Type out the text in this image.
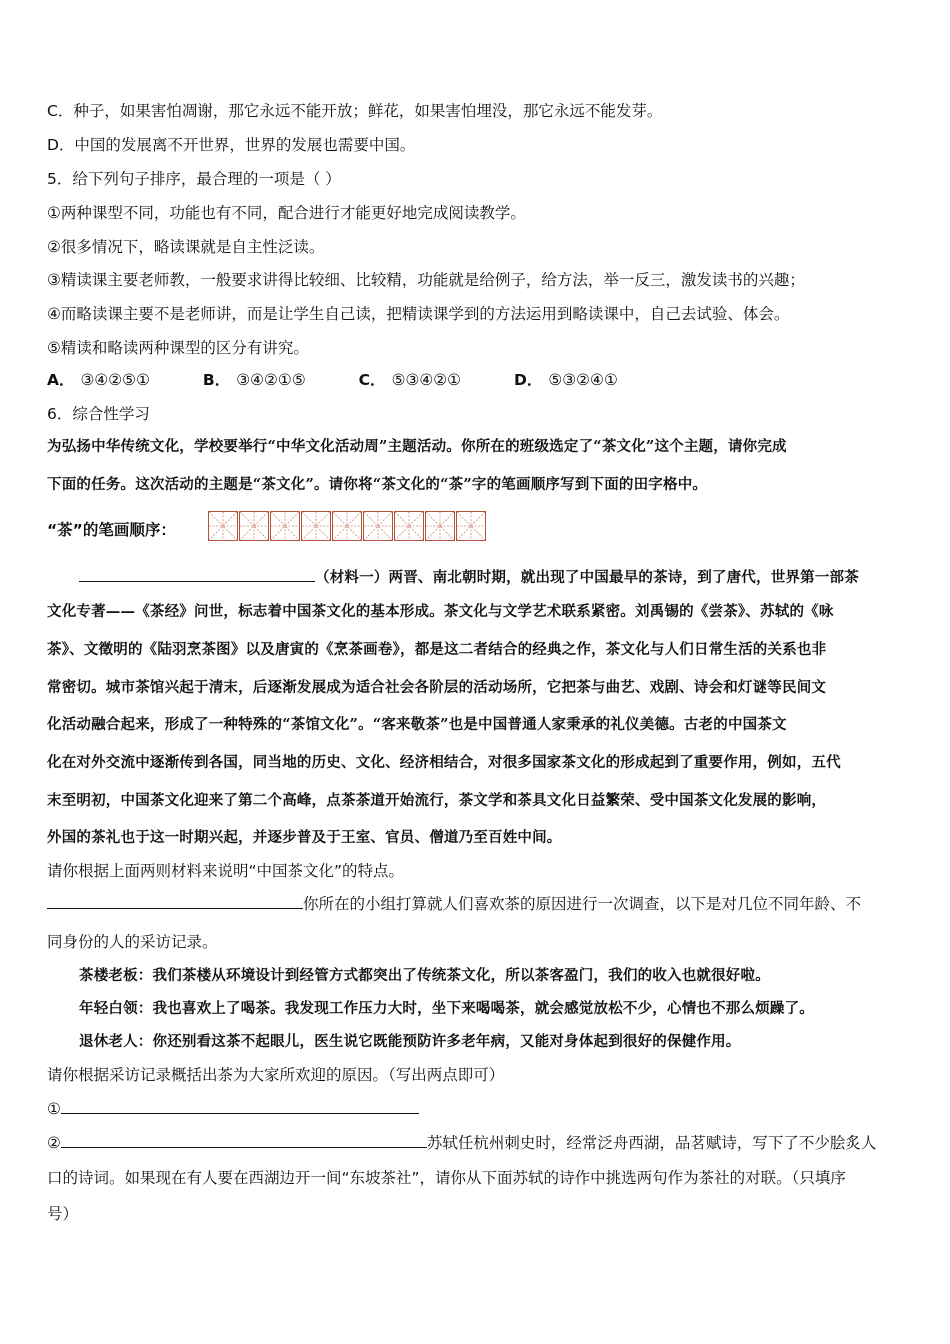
C．种子，如果害怕凋谢，那它永远不能开放；鲜花，如果害怕埋没，那它永远不能发芽。
D．中国的发展离不开世界，世界的发展也需要中国。
5．给下列句子排序，最合理的一项是（ ）
①两种课型不同，功能也有不同，配合进行才能更好地完成阅读教学。
②很多情况下，略读课就是自主性泛读。
③精读课主要老师教，一般要求讲得比较细、比较精，功能就是给例子，给方法，举一反三，激发读书的兴趣；
④而略读课主要不是老师讲，而是让学生自己读，把精读课学到的方法运用到略读课中，自己去试验、体会。
⑤精读和略读两种课型的区分有讲究。
A． ③④②⑤①	B． ③④②①⑤	C． ⑤③④②①	D． ⑤③②④①
6．综合性学习
为弘扬中华传统文化，学校要举行“中华文化活动周”主题活动。你所在的班级选定了“茶文化”这个主题，请你完成
下面的任务。这次活动的主题是“茶文化”。请你将“茶文化的“茶”字的笔画顺序写到下面的田字格中。
“茶”的笔画顺序：
（材料一）两晋、南北朝时期，就出现了中国最早的茶诗，到了唐代，世界第一部茶
文化专著——《茶经》问世，标志着中国茶文化的基本形成。茶文化与文学艺术联系紧密。刘禹锡的《尝茶》、苏轼的《咏
茶》、文徵明的《陆羽烹茶图》以及唐寅的《烹茶画卷》，都是这二者结合的经典之作，茶文化与人们日常生活的关系也非
常密切。城市茶馆兴起于清末，后逐渐发展成为适合社会各阶层的活动场所，它把茶与曲艺、戏剧、诗会和灯谜等民间文
化活动融合起来，形成了一种特殊的“茶馆文化”。“客来敬茶”也是中国普通人家秉承的礼仪美德。古老的中国茶文
化在对外交流中逐渐传到各国，同当地的历史、文化、经济相结合，对很多国家茶文化的形成起到了重要作用，例如，五代
末至明初，中国茶文化迎来了第二个高峰，点茶茶道开始流行，茶文学和茶具文化日益繁荣、受中国茶文化发展的影响，
外国的茶礼也于这一时期兴起，并逐步普及于王室、官员、僧道乃至百姓中间。
请你根据上面两则材料来说明“中国茶文化”的特点。
你所在的小组打算就人们喜欢茶的原因进行一次调查，以下是对几位不同年龄、不
同身份的人的采访记录。
茶楼老板：我们茶楼从环境设计到经管方式都突出了传统茶文化，所以茶客盈门，我们的收入也就很好啦。
年轻白领：我也喜欢上了喝茶。我发现工作压力大时，坐下来喝喝茶，就会感觉放松不少，心情也不那么烦躁了。
退休老人：你还别看这茶不起眼儿，医生说它既能预防许多老年病，又能对身体起到很好的保健作用。
请你根据采访记录概括出茶为大家所欢迎的原因。（写出两点即可）
①
②	苏轼任杭州刺史时，经常泛舟西湖，品茗赋诗，写下了不少脍炙人
口的诗词。如果现在有人要在西湖边开一间“东坡茶社”，请你从下面苏轼的诗作中挑选两句作为茶社的对联。（只填序
号）
